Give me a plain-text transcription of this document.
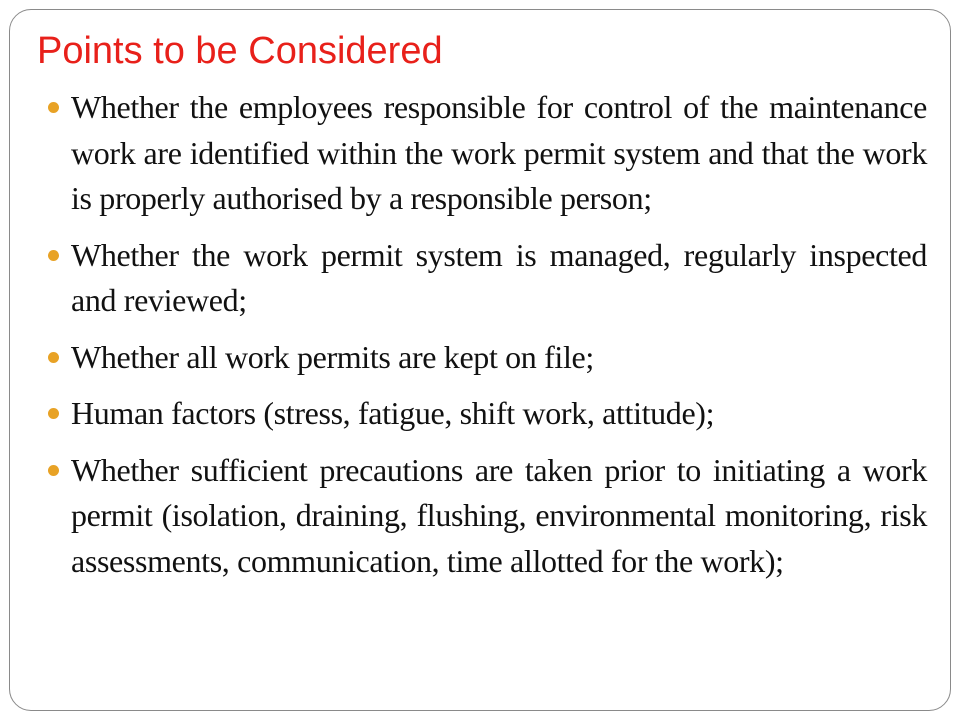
Points to be Considered
Whether the employees responsible for control of the maintenance work are identified within the work permit system and that the work is properly authorised by a responsible person;
Whether the work permit system is managed, regularly inspected and reviewed;
Whether all work permits are kept on file;
Human factors (stress, fatigue, shift work, attitude);
Whether sufficient precautions are taken prior to initiating a work permit (isolation, draining, flushing, environmental monitoring, risk assessments, communication, time allotted for the work);
